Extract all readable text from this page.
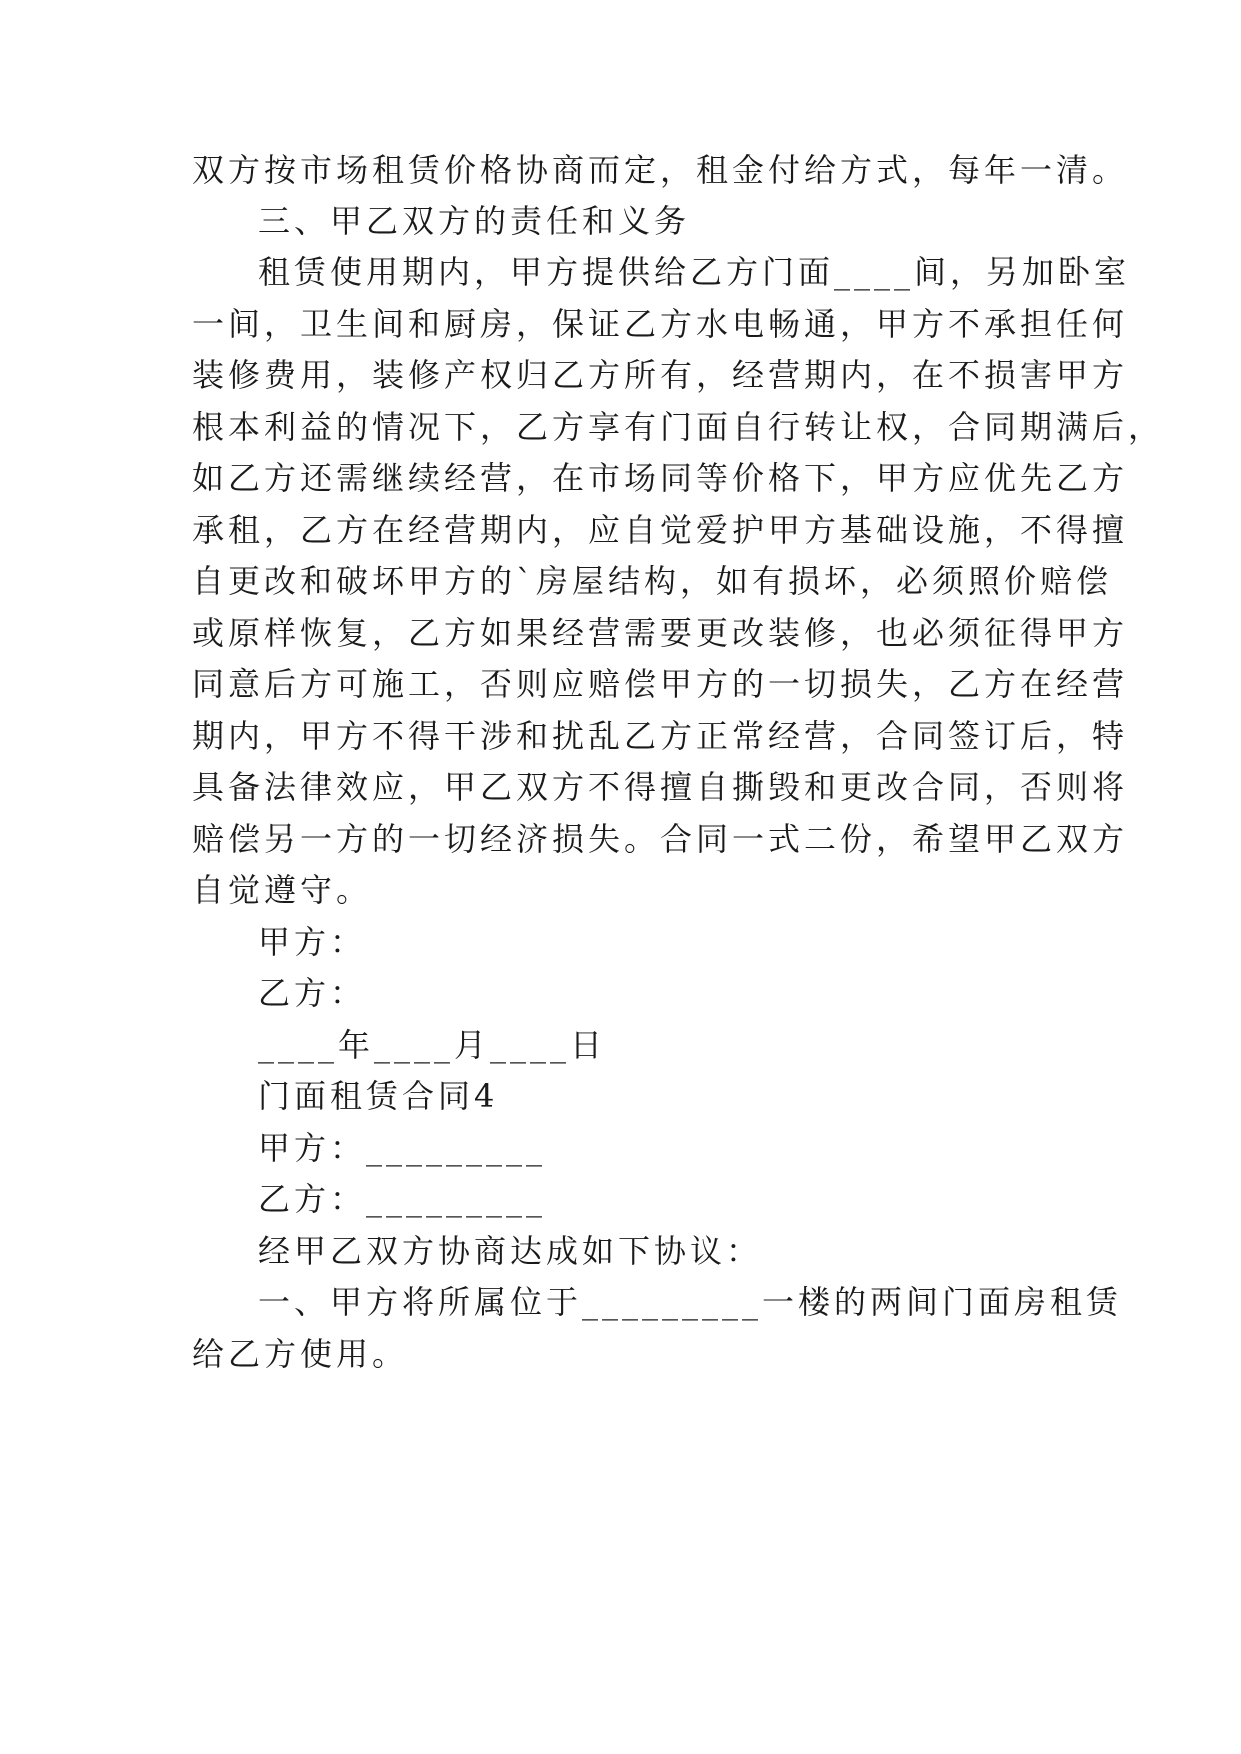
双方按市场租赁价格协商而定，租金付给方式，每年一清。
三、甲乙双方的责任和义务
租赁使用期内，甲方提供给乙方门面____间，另加卧室
一间，卫生间和厨房，保证乙方水电畅通，甲方不承担任何
装修费用，装修产权归乙方所有，经营期内，在不损害甲方
根本利益的情况下，乙方享有门面自行转让权，合同期满后，
如乙方还需继续经营，在市场同等价格下，甲方应优先乙方
承租，乙方在经营期内，应自觉爱护甲方基础设施，不得擅
自更改和破坏甲方的`房屋结构，如有损坏，必须照价赔偿
或原样恢复，乙方如果经营需要更改装修，也必须征得甲方
同意后方可施工，否则应赔偿甲方的一切损失，乙方在经营
期内，甲方不得干涉和扰乱乙方正常经营，合同签订后，特
具备法律效应，甲乙双方不得擅自撕毁和更改合同，否则将
赔偿另一方的一切经济损失。合同一式二份，希望甲乙双方
自觉遵守。
甲方：
乙方：
____年____月____日
门面租赁合同4
甲方：_________
乙方：_________
经甲乙双方协商达成如下协议：
一、甲方将所属位于_________一楼的两间门面房租赁
给乙方使用。
